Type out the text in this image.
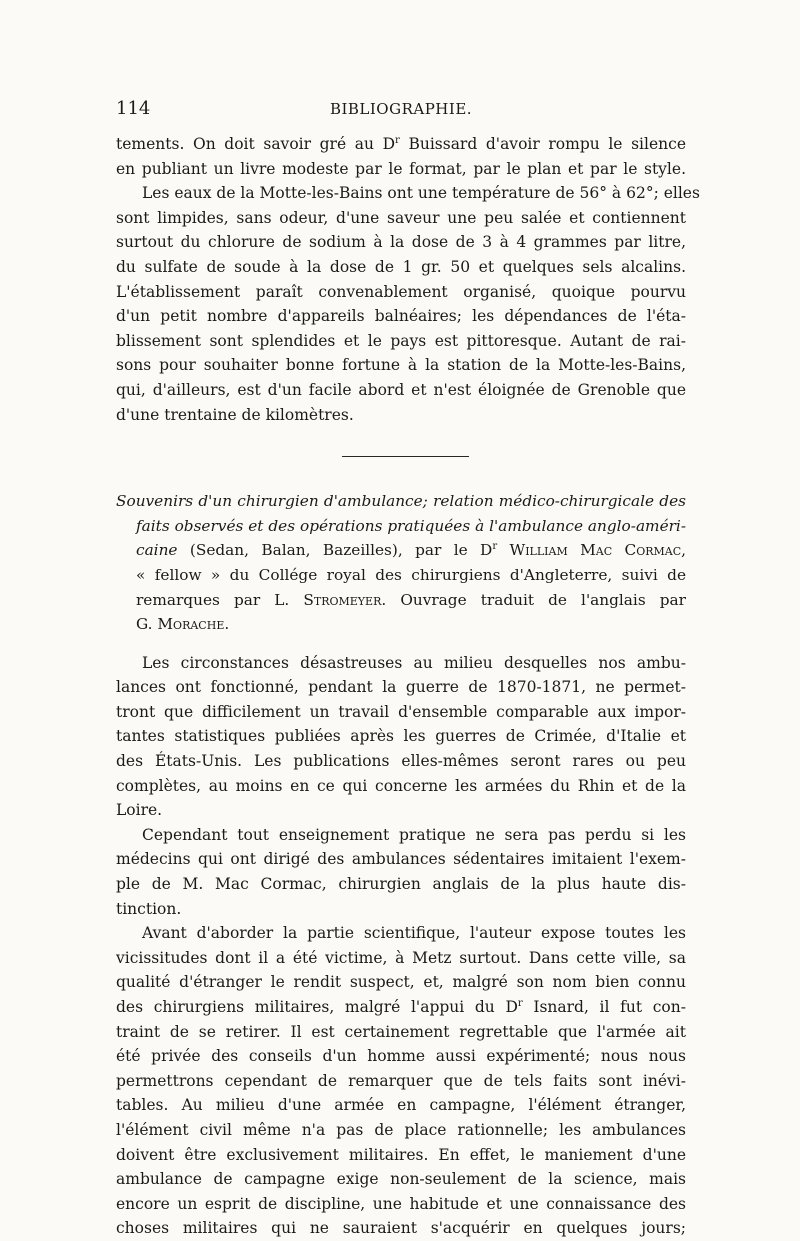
114	BIBLIOGRAPHIE.
tements. On doit savoir gré au $D^r$ Buissard d'avoir rompu le silence
en publiant un livre modeste par le format, par le plan et par le style.
Les eaux de la Motte-les-Bains ont une température de 56° à 62°; elles
sont limpides, sans odeur, d'une saveur une peu salée et contiennent
surtout du chlorure de sodium à la dose de 3 à 4 grammes par litre,
du sulfate de soude à la dose de 1 gr. 50 et quelques sels alcalins.
L'établissement paraît convenablement organisé, quoique pourvu
d'un petit nombre d'appareils balnéaires; les dépendances de l'éta-
blissement sont splendides et le pays est pittoresque. Autant de rai-
sons pour souhaiter bonne fortune à la station de la Motte-les-Bains,
qui, d'ailleurs, est d'un facile abord et n'est éloignée de Grenoble que
d'une trentaine de kilomètres.
Souvenirs d'un chirurgien d'ambulance; relation médico-chirurgicale des
faits observés et des opérations pratiquées à l'ambulance anglo-améri-
caine (Sedan, Balan, Bazeilles), par le $D^r$ William Mac Cormac,
« fellow » du Collége royal des chirurgiens d'Angleterre, suivi de
remarques par L. Stromeyer. Ouvrage traduit de l'anglais par
G. Morache.
Les circonstances désastreuses au milieu desquelles nos ambu-
lances ont fonctionné, pendant la guerre de 1870-1871, ne permet-
tront que difficilement un travail d'ensemble comparable aux impor-
tantes statistiques publiées après les guerres de Crimée, d'Italie et
des États-Unis. Les publications elles-mêmes seront rares ou peu
complètes, au moins en ce qui concerne les armées du Rhin et de la
Loire.
Cependant tout enseignement pratique ne sera pas perdu si les
médecins qui ont dirigé des ambulances sédentaires imitaient l'exem-
ple de M. Mac Cormac, chirurgien anglais de la plus haute dis-
tinction.
Avant d'aborder la partie scientifique, l'auteur expose toutes les
vicissitudes dont il a été victime, à Metz surtout. Dans cette ville, sa
qualité d'étranger le rendit suspect, et, malgré son nom bien connu
des chirurgiens militaires, malgré l'appui du $D^r$ Isnard, il fut con-
traint de se retirer. Il est certainement regrettable que l'armée ait
été privée des conseils d'un homme aussi expérimenté; nous nous
permettrons cependant de remarquer que de tels faits sont inévi-
tables. Au milieu d'une armée en campagne, l'élément étranger,
l'élément civil même n'a pas de place rationnelle; les ambulances
doivent être exclusivement militaires. En effet, le maniement d'une
ambulance de campagne exige non-seulement de la science, mais
encore un esprit de discipline, une habitude et une connaissance des
choses militaires qui ne sauraient s'acquérir en quelques jours;
